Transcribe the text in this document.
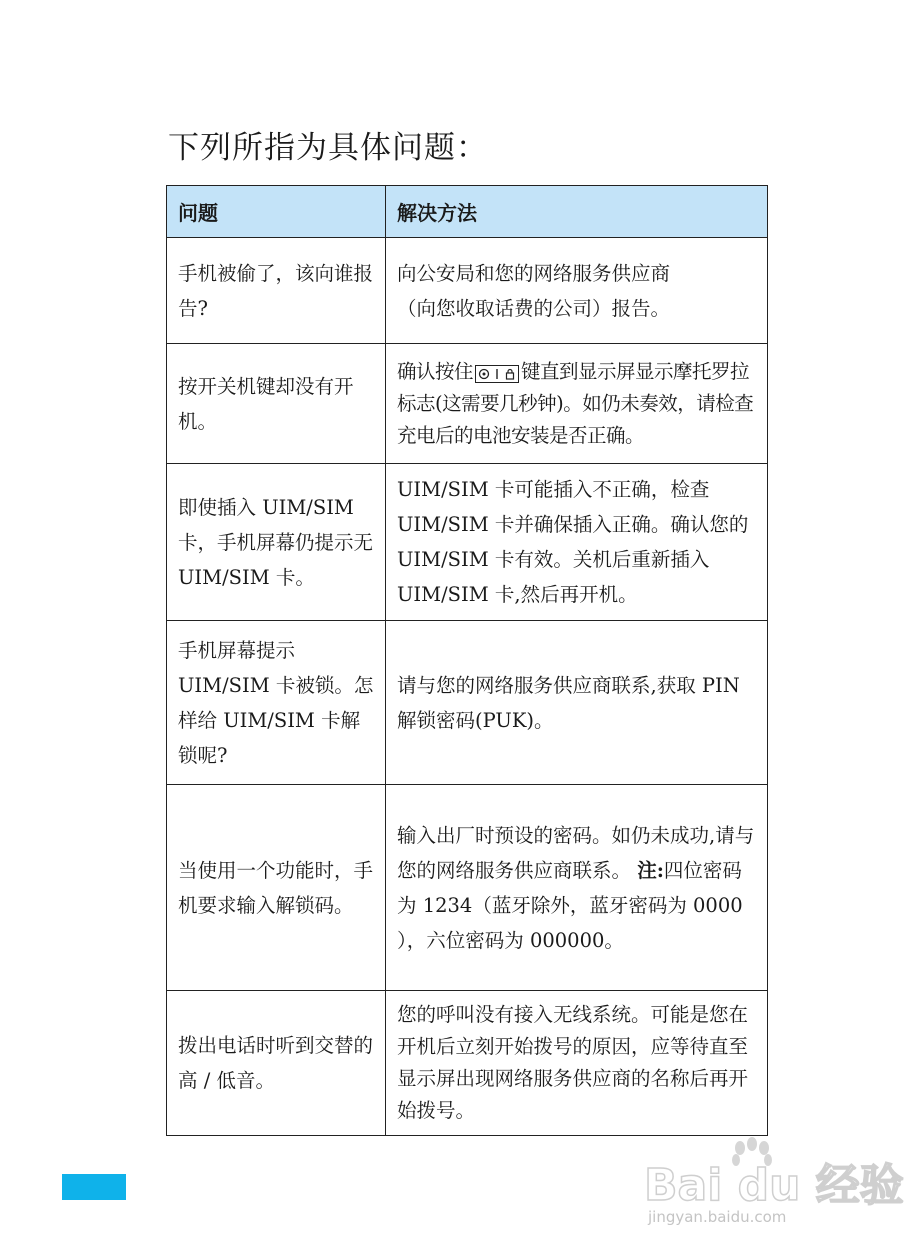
下列所指为具体问题：
问题	解决方法
手机被偷了，该向谁报告?	向公安局和您的网络服务供应商
（向您收取话费的公司）报告。
按开关机键却没有开机。	确认按住 键直到显示屏显示摩托罗拉标志(这需要几秒钟)。如仍未奏效，请检查充电后的电池安装是否正确。
即使插入 UIM/SIM 卡，手机屏幕仍提示无 UIM/SIM 卡。	UIM/SIM 卡可能插入不正确，检查 UIM/SIM 卡并确保插入正确。确认您的 UIM/SIM 卡有效。关机后重新插入 UIM/SIM 卡,然后再开机。
手机屏幕提示 UIM/SIM 卡被锁。怎样给 UIM/SIM 卡解锁呢?	请与您的网络服务供应商联系,获取 PIN 解锁密码(PUK)。
当使用一个功能时，手机要求输入解锁码。	输入出厂时预设的密码。如仍未成功,请与您的网络服务供应商联系。 注:四位密码为 1234（蓝牙除外，蓝牙密码为 0000 ），六位密码为 000000。
拨出电话时听到交替的高 / 低音。	您的呼叫没有接入无线系统。可能是您在开机后立刻开始拨号的原因，应等待直至显示屏出现网络服务供应商的名称后再开始拨号。
Bai du 经验
jingyan.baidu.com
